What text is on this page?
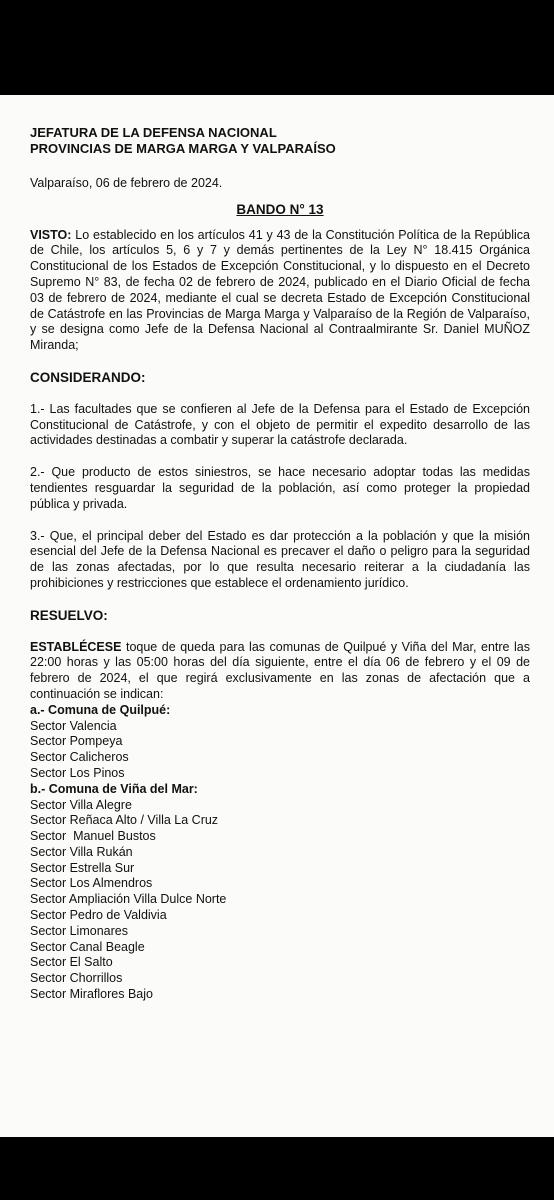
JEFATURA DE LA DEFENSA NACIONAL
PROVINCIAS DE MARGA MARGA Y VALPARAÍSO
Valparaíso, 06 de febrero de 2024.
BANDO N° 13
VISTO: Lo establecido en los artículos 41 y 43 de la Constitución Política de la República de Chile, los artículos 5, 6 y 7 y demás pertinentes de la Ley N° 18.415 Orgánica Constitucional de los Estados de Excepción Constitucional, y lo dispuesto en el Decreto Supremo N° 83, de fecha 02 de febrero de 2024, publicado en el Diario Oficial de fecha 03 de febrero de 2024, mediante el cual se decreta Estado de Excepción Constitucional de Catástrofe en las Provincias de Marga Marga y Valparaíso de la Región de Valparaíso, y se designa como Jefe de la Defensa Nacional al Contraalmirante Sr. Daniel MUÑOZ Miranda;
CONSIDERANDO:
1.- Las facultades que se confieren al Jefe de la Defensa para el Estado de Excepción Constitucional de Catástrofe, y con el objeto de permitir el expedito desarrollo de las actividades destinadas a combatir y superar la catástrofe declarada.
2.- Que producto de estos siniestros, se hace necesario adoptar todas las medidas tendientes resguardar la seguridad de la población, así como proteger la propiedad pública y privada.
3.- Que, el principal deber del Estado es dar protección a la población y que la misión esencial del Jefe de la Defensa Nacional es precaver el daño o peligro para la seguridad de las zonas afectadas, por lo que resulta necesario reiterar a la ciudadanía las prohibiciones y restricciones que establece el ordenamiento jurídico.
RESUELVO:
ESTABLÉCESE toque de queda para las comunas de Quilpué y Viña del Mar, entre las 22:00 horas y las 05:00 horas del día siguiente, entre el día 06 de febrero y el 09 de febrero de 2024, el que regirá exclusivamente en las zonas de afectación que a continuación se indican:
a.- Comuna de Quilpué:
Sector Valencia
Sector Pompeya
Sector Calicheros
Sector Los Pinos
b.- Comuna de Viña del Mar:
Sector Villa Alegre
Sector Reñaca Alto / Villa La Cruz
Sector  Manuel Bustos
Sector Villa Rukán
Sector Estrella Sur
Sector Los Almendros
Sector Ampliación Villa Dulce Norte
Sector Pedro de Valdivia
Sector Limonares
Sector Canal Beagle
Sector El Salto
Sector Chorrillos
Sector Miraflores Bajo
